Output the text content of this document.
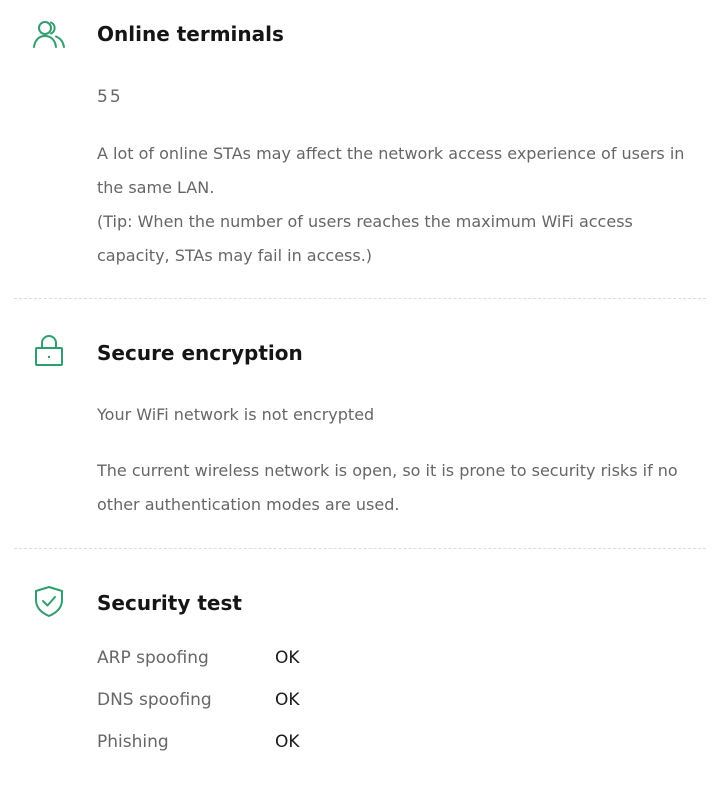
Online terminals
55
A lot of online STAs may affect the network access experience of users in the same LAN.
(Tip: When the number of users reaches the maximum WiFi access capacity, STAs may fail in access.)
Secure encryption
Your WiFi network is not encrypted
The current wireless network is open, so it is prone to security risks if no other authentication modes are used.
Security test
ARP spoofing	OK
DNS spoofing	OK
Phishing	OK
